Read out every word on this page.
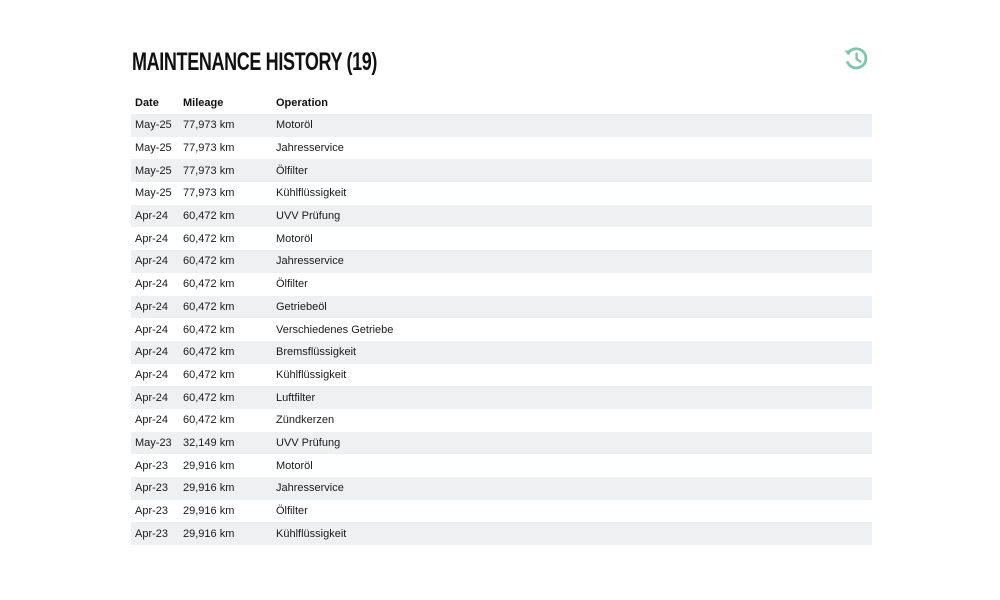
MAINTENANCE HISTORY (19)
Date	Mileage	Operation
May-25	77,973 km	Motoröl
May-25	77,973 km	Jahresservice
May-25	77,973 km	Ölfilter
May-25	77,973 km	Kühlflüssigkeit
Apr-24	60,472 km	UVV Prüfung
Apr-24	60,472 km	Motoröl
Apr-24	60,472 km	Jahresservice
Apr-24	60,472 km	Ölfilter
Apr-24	60,472 km	Getriebeöl
Apr-24	60,472 km	Verschiedenes Getriebe
Apr-24	60,472 km	Bremsflüssigkeit
Apr-24	60,472 km	Kühlflüssigkeit
Apr-24	60,472 km	Luftfilter
Apr-24	60,472 km	Zündkerzen
May-23	32,149 km	UVV Prüfung
Apr-23	29,916 km	Motoröl
Apr-23	29,916 km	Jahresservice
Apr-23	29,916 km	Ölfilter
Apr-23	29,916 km	Kühlflüssigkeit
